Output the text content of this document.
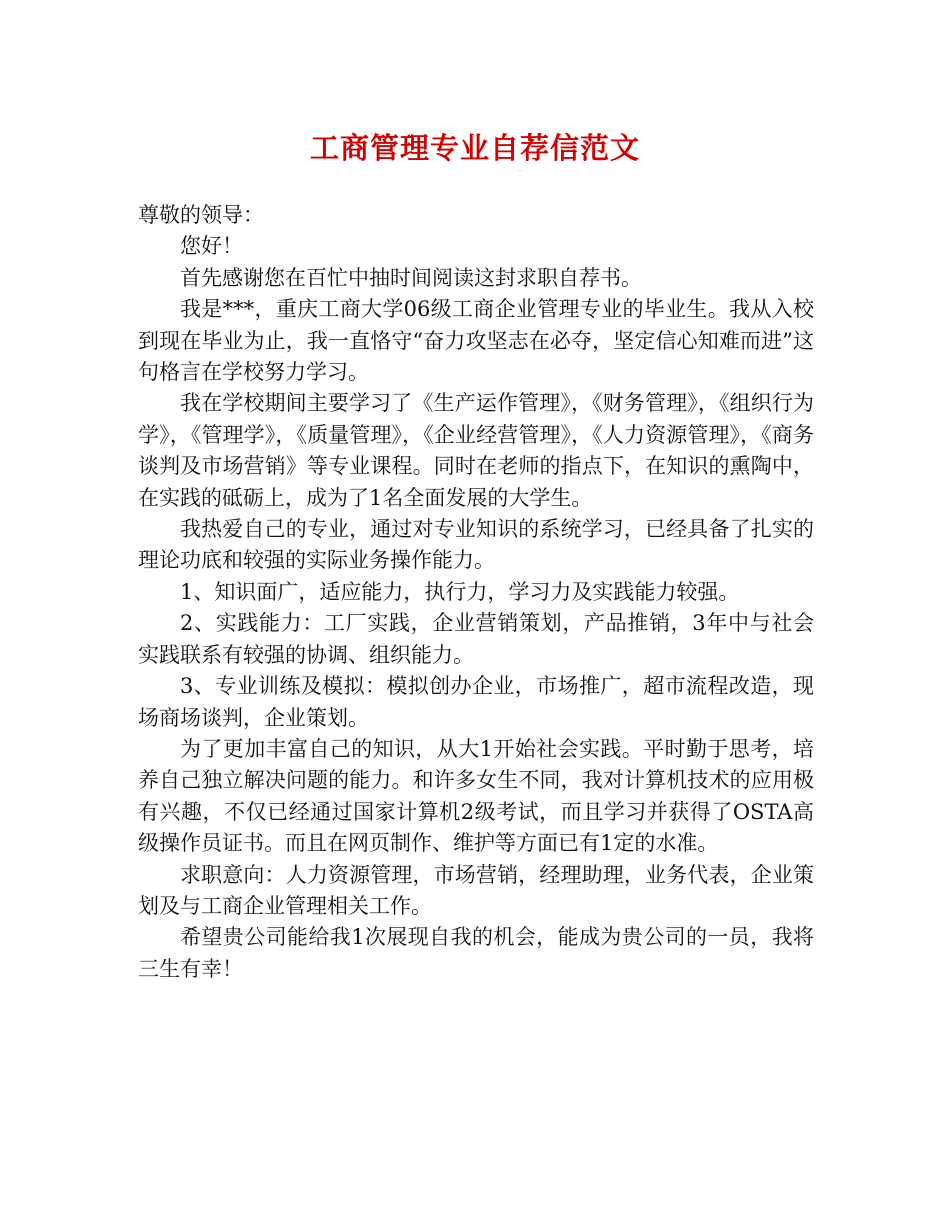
工商管理专业自荐信范文

尊敬的领导：

您好！

首先感谢您在百忙中抽时间阅读这封求职自荐书。

我是***，重庆工商大学06级工商企业管理专业的毕业生。我从入校到现在毕业为止，我一直恪守“奋力攻坚志在必夺，坚定信心知难而进”这句格言在学校努力学习。

我在学校期间主要学习了《生产运作管理》，《财务管理》，《组织行为学》，《管理学》，《质量管理》，《企业经营管理》，《人力资源管理》，《商务谈判及市场营销》等专业课程。同时在老师的指点下，在知识的熏陶中，在实践的砥砺上，成为了1名全面发展的大学生。

我热爱自己的专业，通过对专业知识的系统学习，已经具备了扎实的理论功底和较强的实际业务操作能力。

1、知识面广，适应能力，执行力，学习力及实践能力较强。

2、实践能力：工厂实践，企业营销策划，产品推销，3年中与社会实践联系有较强的协调、组织能力。

3、专业训练及模拟：模拟创办企业，市场推广，超市流程改造，现场商场谈判，企业策划。

为了更加丰富自己的知识，从大1开始社会实践。平时勤于思考，培养自己独立解决问题的能力。和许多女生不同，我对计算机技术的应用极有兴趣，不仅已经通过国家计算机2级考试，而且学习并获得了OSTA高级操作员证书。而且在网页制作、维护等方面已有1定的水准。

求职意向：人力资源管理，市场营销，经理助理，业务代表，企业策划及与工商企业管理相关工作。

希望贵公司能给我1次展现自我的机会，能成为贵公司的一员，我将三生有幸！
